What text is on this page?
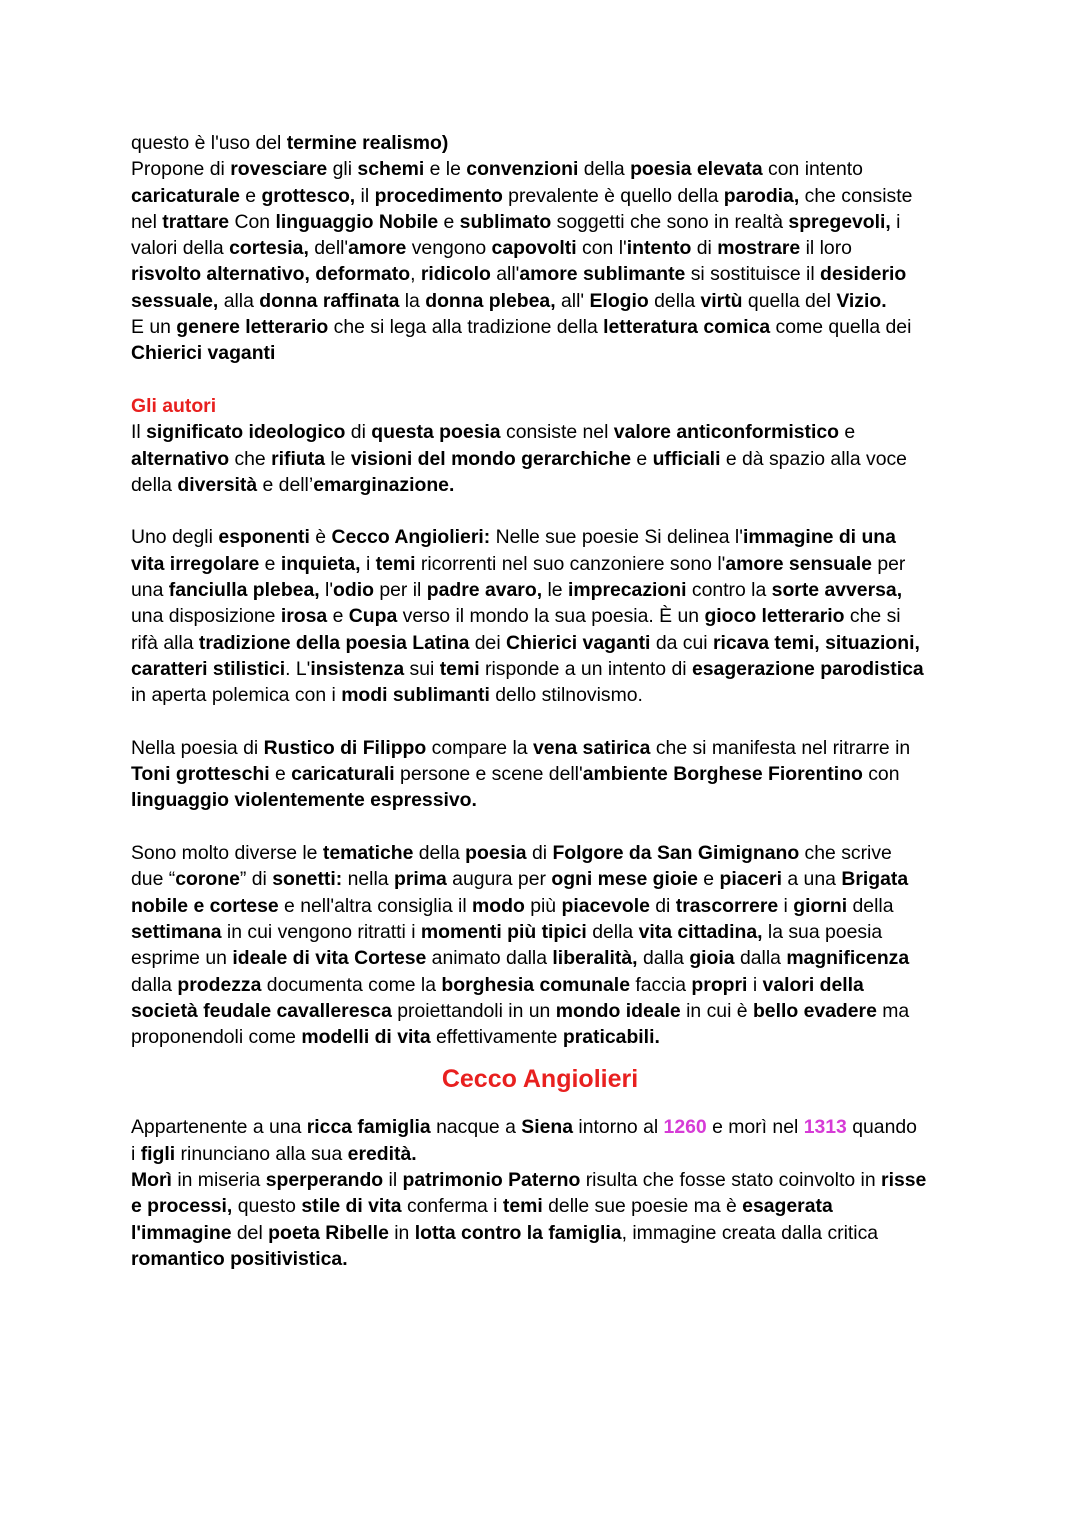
questo è l'uso del termine realismo)
Propone di rovesciare gli schemi e le convenzioni della poesia elevata con intento
caricaturale e grottesco, il procedimento prevalente è quello della parodia, che consiste
nel trattare Con linguaggio Nobile e sublimato soggetti che sono in realtà spregevoli, i
valori della cortesia, dell'amore vengono capovolti con l'intento di mostrare il loro
risvolto alternativo, deformato, ridicolo all'amore sublimante si sostituisce il desiderio
sessuale, alla donna raffinata la donna plebea, all' Elogio della virtù quella del Vizio.
E un genere letterario che si lega alla tradizione della letteratura comica come quella dei
Chierici vaganti
Gli autori
Il significato ideologico di questa poesia consiste nel valore anticonformistico e
alternativo che rifiuta le visioni del mondo gerarchiche e ufficiali e dà spazio alla voce
della diversità e dell’emarginazione.
Uno degli esponenti è Cecco Angiolieri: Nelle sue poesie Si delinea l'immagine di una
vita irregolare e inquieta, i temi ricorrenti nel suo canzoniere sono l'amore sensuale per
una fanciulla plebea, l'odio per il padre avaro, le imprecazioni contro la sorte avversa,
una disposizione irosa e Cupa verso il mondo la sua poesia. È un gioco letterario che si
rifà alla tradizione della poesia Latina dei Chierici vaganti da cui ricava temi, situazioni,
caratteri stilistici. L'insistenza sui temi risponde a un intento di esagerazione parodistica
in aperta polemica con i modi sublimanti dello stilnovismo.
Nella poesia di Rustico di Filippo compare la vena satirica che si manifesta nel ritrarre in
Toni grotteschi e caricaturali persone e scene dell'ambiente Borghese Fiorentino con
linguaggio violentemente espressivo.
Sono molto diverse le tematiche della poesia di Folgore da San Gimignano che scrive
due “corone” di sonetti: nella prima augura per ogni mese gioie e piaceri a una Brigata
nobile e cortese e nell'altra consiglia il modo più piacevole di trascorrere i giorni della
settimana in cui vengono ritratti i momenti più tipici della vita cittadina, la sua poesia
esprime un ideale di vita Cortese animato dalla liberalità, dalla gioia dalla magnificenza
dalla prodezza documenta come la borghesia comunale faccia propri i valori della
società feudale cavalleresca proiettandoli in un mondo ideale in cui è bello evadere ma
proponendoli come modelli di vita effettivamente praticabili.
Cecco Angiolieri
Appartenente a una ricca famiglia nacque a Siena intorno al 1260 e morì nel 1313 quando
i figli rinunciano alla sua eredità.
Morì in miseria sperperando il patrimonio Paterno risulta che fosse stato coinvolto in risse
e processi, questo stile di vita conferma i temi delle sue poesie ma è esagerata
l'immagine del poeta Ribelle in lotta contro la famiglia, immagine creata dalla critica
romantico positivistica.
